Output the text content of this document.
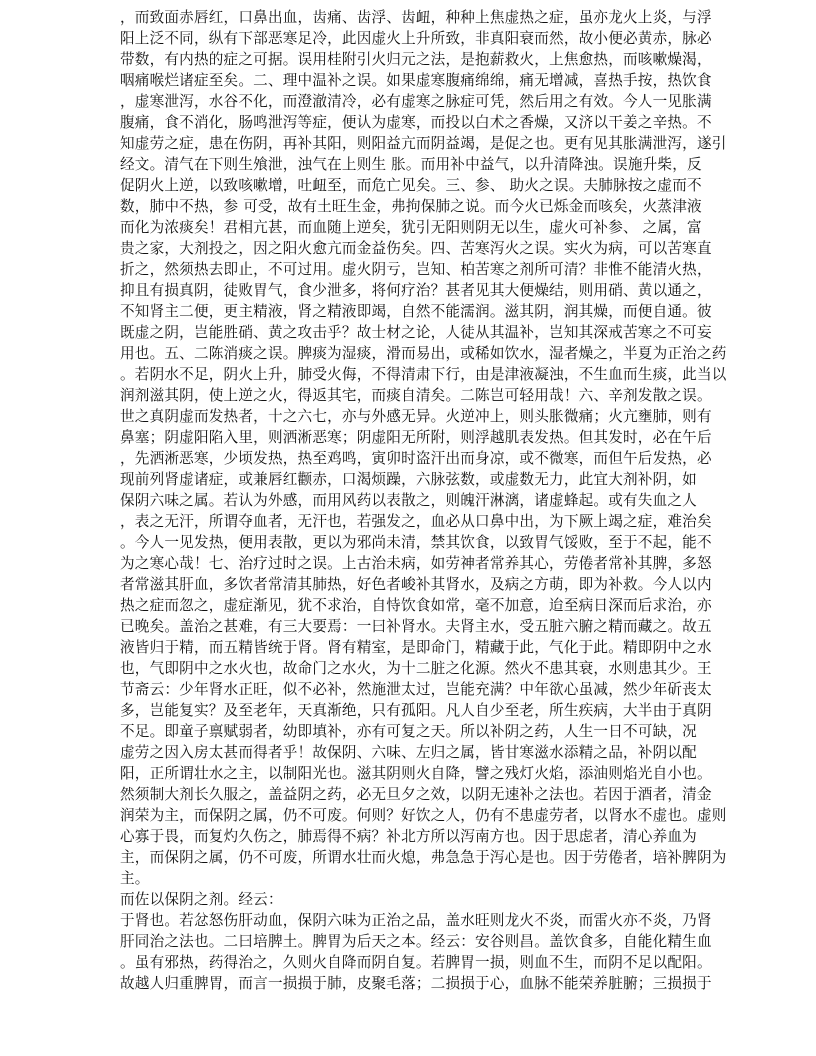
，而致面赤唇红，口鼻出血，齿痛、齿浮、齿衄，种种上焦虚热之症，虽亦龙火上炎，与浮
阳上泛不同，纵有下部恶寒足冷，此因虚火上升所致，非真阳衰而然，故小便必黄赤，脉必
带数，有内热的症之可据。误用桂附引火归元之法，是抱薪救火，上焦愈热，而咳嗽燥渴，
咽痛喉烂诸症至矣。二、理中温补之误。如果虚寒腹痛绵绵，痛无增减，喜热手按，热饮食
，虚寒泄泻，水谷不化，而澄澈清冷，必有虚寒之脉症可凭，然后用之有效。今人一见胀满
腹痛，食不消化，肠鸣泄泻等症，便认为虚寒，而投以白术之香燥，又济以干姜之辛热。不
知虚劳之症，患在伤阴，再补其阳，则阳益亢而阴益竭，是促之也。更有见其胀满泄泻，遂引
经文。清气在下则生飧泄，浊气在上则生 胀。而用补中益气，以升清降浊。误施升柴，反
促阴火上逆，以致咳嗽增，吐衄至，而危亡见矣。三、参、 助火之误。夫肺脉按之虚而不
数，肺中不热，参 可受，故有土旺生金，弗拘保肺之说。而今火已烁金而咳矣，火蒸津液
而化为浓痰矣！君相亢甚，而血随上逆矣，犹引无阳则阴无以生，虚火可补参、 之属，富
贵之家，大剂投之，因之阳火愈亢而金益伤矣。四、苦寒泻火之误。实火为病，可以苦寒直
折之，然须热去即止，不可过用。虚火阴亏，岂知、柏苦寒之剂所可清？非惟不能清火热，
抑且有损真阴，徒败胃气，食少泄多，将何疗治？甚者见其大便燥结，则用硝、黄以通之，
不知肾主二便，更主精液，肾之精液即竭，自然不能濡润。滋其阴，润其燥，而便自通。彼
既虚之阴，岂能胜硝、黄之攻击乎？故士材之论，人徒从其温补，岂知其深戒苦寒之不可妄
用也。五、二陈消痰之误。脾痰为湿痰，滑而易出，或稀如饮水，湿者燥之，半夏为正治之药
。若阴水不足，阴火上升，肺受火侮，不得清肃下行，由是津液凝浊，不生血而生痰，此当以
润剂滋其阴，使上逆之火，得返其宅，而痰自清矣。二陈岂可轻用哉！六、辛剂发散之误。
世之真阴虚而发热者，十之六七，亦与外感无异。火逆冲上，则头胀微痛；火亢壅肺，则有
鼻塞；阴虚阳陷入里，则洒淅恶寒；阴虚阳无所附，则浮越肌表发热。但其发时，必在午后
，先洒淅恶寒，少顷发热，热至鸡鸣，寅卯时盗汗出而身凉，或不微寒，而但午后发热，必
现前列肾虚诸症，或兼唇红颧赤，口渴烦躁，六脉弦数，或虚数无力，此宜大剂补阴，如
保阴六味之属。若认为外感，而用风药以表散之，则魄汗淋漓，诸虚蜂起。或有失血之人
，表之无汗，所谓夺血者，无汗也，若强发之，血必从口鼻中出，为下厥上竭之症，难治矣
。今人一见发热，便用表散，更以为邪尚未清，禁其饮食，以致胃气馁败，至于不起，能不
为之寒心哉！七、治疗过时之误。上古治未病，如劳神者常养其心，劳倦者常补其脾，多怒
者常滋其肝血，多饮者常清其肺热，好色者峻补其肾水，及病之方萌，即为补救。今人以内
热之症而忽之，虚症渐见，犹不求治，自恃饮食如常，毫不加意，迨至病日深而后求治，亦
已晚矣。盖治之甚难，有三大要焉：一曰补肾水。夫肾主水，受五脏六腑之精而藏之。故五
液皆归于精，而五精皆统于肾。肾有精室，是即命门，精藏于此，气化于此。精即阴中之水
也，气即阴中之水火也，故命门之水火，为十二脏之化源。然火不患其衰，水则患其少。王
节斋云：少年肾水正旺，似不必补，然施泄太过，岂能充满？中年欲心虽减，然少年斫丧太
多，岂能复实？及至老年，天真渐绝，只有孤阳。凡人自少至老，所生疾病，大半由于真阴
不足。即童子禀赋弱者，幼即填补，亦有可复之天。所以补阴之药，人生一日不可缺，况
虚劳之因入房太甚而得者乎！故保阴、六味、左归之属，皆甘寒滋水添精之品，补阴以配
阳，正所谓壮水之主，以制阳光也。滋其阴则火自降，譬之残灯火焰，添油则焰光自小也。
然须制大剂长久服之，盖益阴之药，必无旦夕之效，以阴无速补之法也。若因于酒者，清金
润荣为主，而保阴之属，仍不可废。何则？好饮之人，仍有不患虚劳者，以肾水不虚也。虚则
心寡于畏，而复灼久伤之，肺焉得不病？补北方所以泻南方也。因于思虑者，清心养血为
主，而保阴之属，仍不可废，所谓水壮而火熄，弗急急于泻心是也。因于劳倦者，培补脾阴为
主。
而佐以保阴之剂。经云：
于肾也。若忿怒伤肝动血，保阴六味为正治之品，盖水旺则龙火不炎，而雷火亦不炎，乃肾
肝同治之法也。二曰培脾土。脾胃为后天之本。经云：安谷则昌。盖饮食多，自能化精生血
。虽有邪热，药得治之，久则火自降而阴自复。若脾胃一损，则血不生，而阴不足以配阳。
故越人归重脾胃，而言一损损于肺，皮聚毛落；二损损于心，血脉不能荣养脏腑；三损损于
